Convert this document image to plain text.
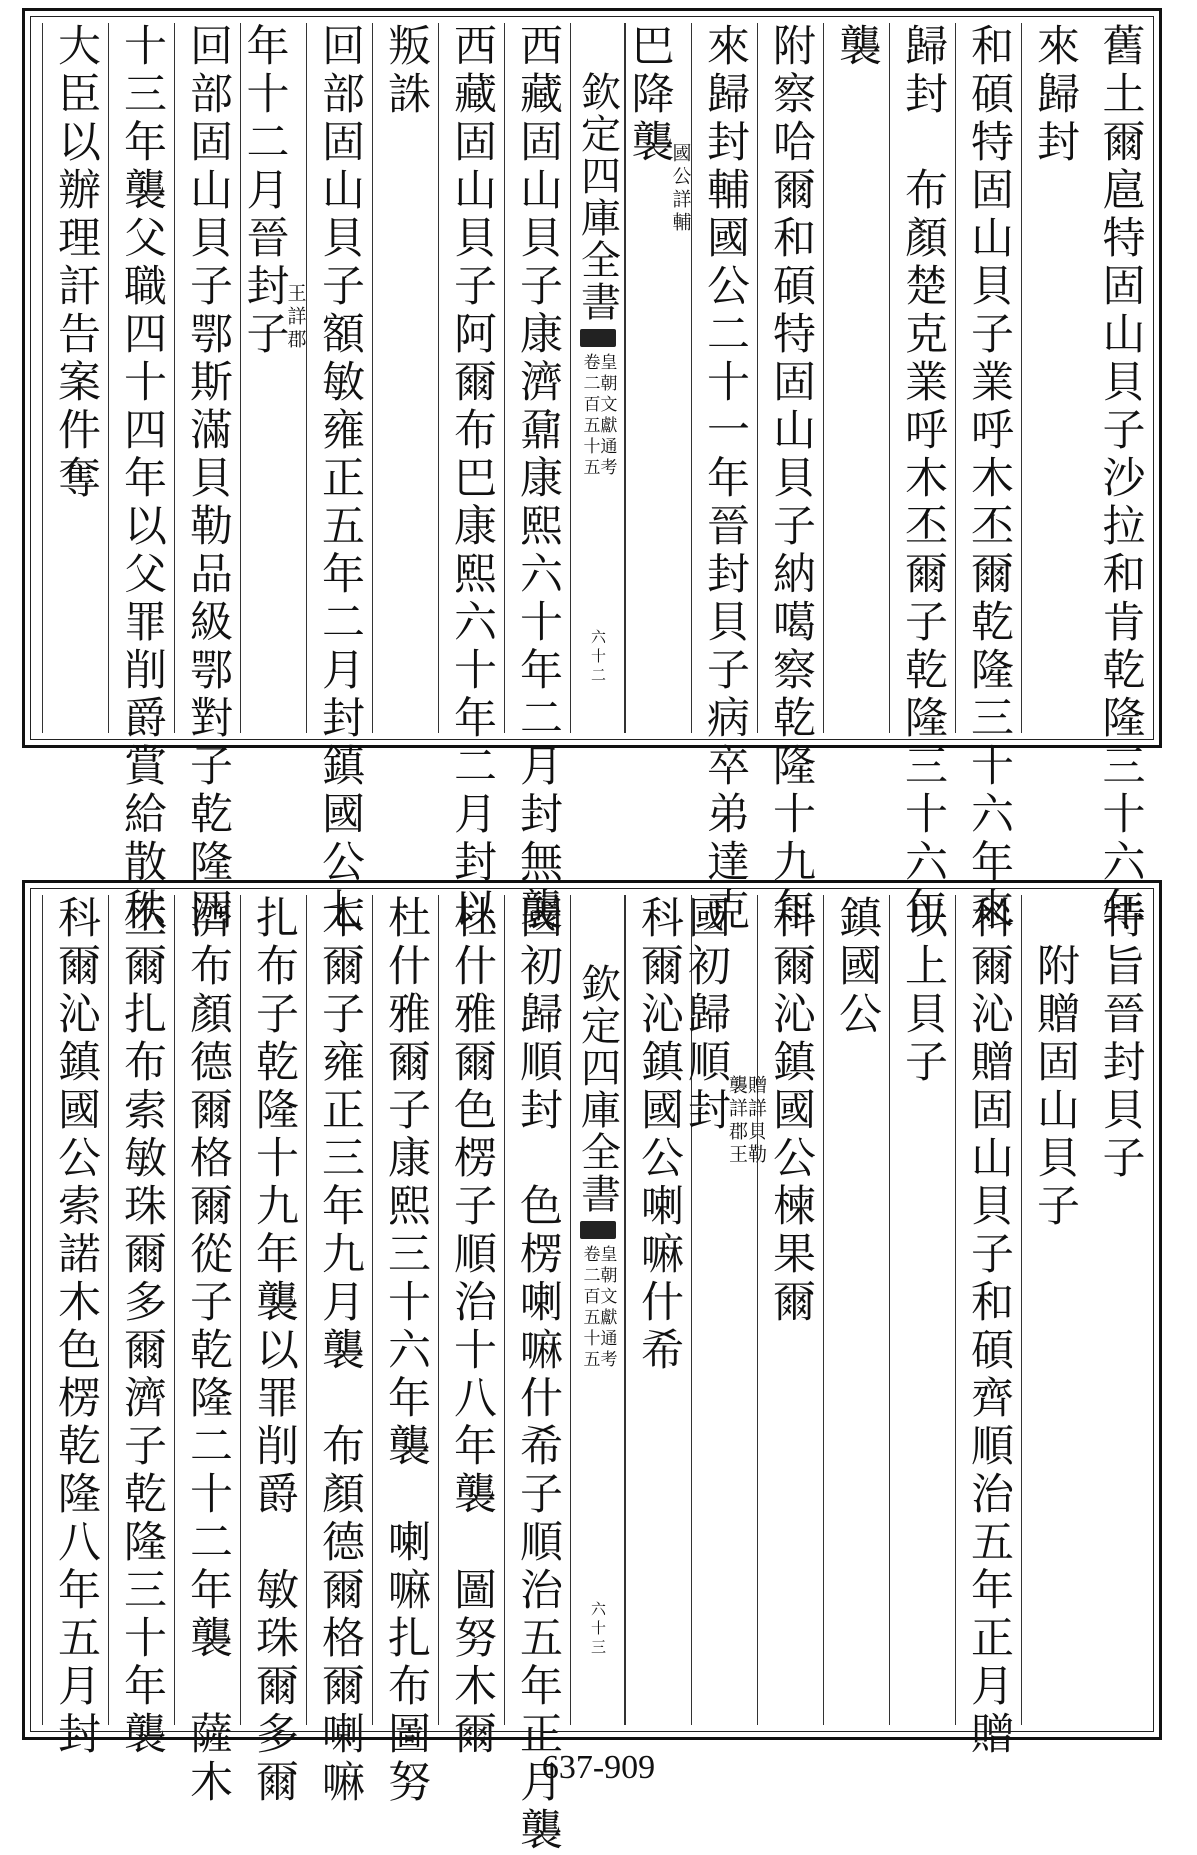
舊土爾扈特固山貝子沙拉和肯乾隆三十六年
來歸封
和碩特固山貝子業呼木丕爾乾隆三十六年來
歸封　布顏楚克業呼木丕爾子乾隆三十六年
襲
附察哈爾和碩特固山貝子納噶察乾隆十九年
來歸封輔國公二十一年晉封貝子病卒弟達克
巴降襲
國公詳輔
欽定四庫全書
皇朝文獻通考
卷二百五十五
六十二
西藏固山貝子康濟鼐康熙六十年二月封無襲
西藏固山貝子阿爾布巴康熙六十年二月封以
叛誅
回部固山貝子額敏雍正五年二月封鎮國公七
年十二月晉封子
王詳郡
回部固山貝子鄂斯滿貝勒品級鄂對子乾隆四
十三年襲父職四十四年以父罪削爵賞給散秩
大臣以辦理訐告案件奪
特旨晉封貝子
　附贈固山貝子
科爾沁贈固山貝子和碩齊順治五年正月贈
以上貝子
鎮國公
科爾沁鎮國公楝果爾
國初歸順封 贈詳貝勒
襲詳郡王
科爾沁鎮國公喇嘛什希
欽定四庫全書
皇朝文獻通考
卷二百五十五
六十三
國初歸順封　色楞喇嘛什希子順治五年正月襲
杜什雅爾色楞子順治十八年襲　圖努木爾
杜什雅爾子康熙三十六年襲　喇嘛扎布圖努
木爾子雍正三年九月襲　布顏德爾格爾喇嘛
扎布子乾隆十九年襲以罪削爵　敏珠爾多爾
濟布顏德爾格爾從子乾隆二十二年襲　薩木
丕爾扎布索敏珠爾多爾濟子乾隆三十年襲
科爾沁鎮國公索諾木色楞乾隆八年五月封
637-909
